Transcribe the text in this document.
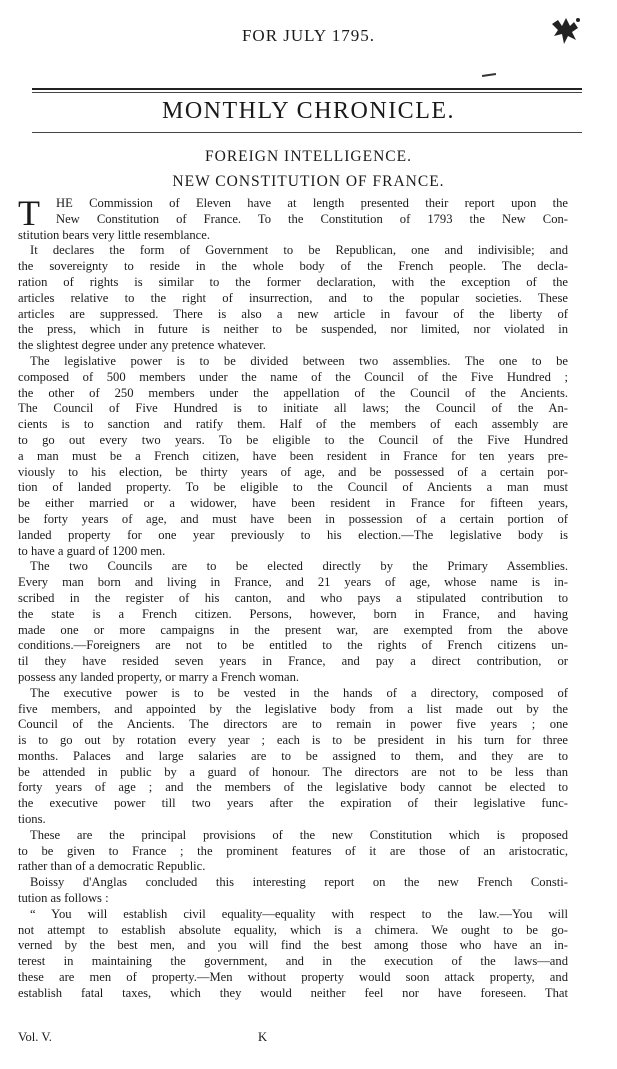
FOR JULY 1795.
MONTHLY CHRONICLE.
FOREIGN INTELLIGENCE.
NEW CONSTITUTION OF FRANCE.
T	HE Commission of Eleven have at length presented their report upon the
New Constitution of France. To the Constitution of 1793 the New Con-
stitution bears very little resemblance.
It declares the form of Government to be Republican, one and indivisible; and
the sovereignty to reside in the whole body of the French people. The decla-
ration of rights is similar to the former declaration, with the exception of the
articles relative to the right of insurrection, and to the popular societies. These
articles are suppressed. There is also a new article in favour of the liberty of
the press, which in future is neither to be suspended, nor limited, nor violated in
the slightest degree under any pretence whatever.
The legislative power is to be divided between two assemblies. The one to be
composed of 500 members under the name of the Council of the Five Hundred ;
the other of 250 members under the appellation of the Council of the Ancients.
The Council of Five Hundred is to initiate all laws; the Council of the An-
cients is to sanction and ratify them. Half of the members of each assembly are
to go out every two years. To be eligible to the Council of the Five Hundred
a man must be a French citizen, have been resident in France for ten years pre-
viously to his election, be thirty years of age, and be possessed of a certain por-
tion of landed property. To be eligible to the Council of Ancients a man must
be either married or a widower, have been resident in France for fifteen years,
be forty years of age, and must have been in possession of a certain portion of
landed property for one year previously to his election.—The legislative body is
to have a guard of 1200 men.
The two Councils are to be elected directly by the Primary Assemblies.
Every man born and living in France, and 21 years of age, whose name is in-
scribed in the register of his canton, and who pays a stipulated contribution to
the state is a French citizen. Persons, however, born in France, and having
made one or more campaigns in the present war, are exempted from the above
conditions.—Foreigners are not to be entitled to the rights of French citizens un-
til they have resided seven years in France, and pay a direct contribution, or
possess any landed property, or marry a French woman.
The executive power is to be vested in the hands of a directory, composed of
five members, and appointed by the legislative body from a list made out by the
Council of the Ancients. The directors are to remain in power five years ; one
is to go out by rotation every year ; each is to be president in his turn for three
months. Palaces and large salaries are to be assigned to them, and they are to
be attended in public by a guard of honour. The directors are not to be less than
forty years of age ; and the members of the legislative body cannot be elected to
the executive power till two years after the expiration of their legislative func-
tions.
These are the principal provisions of the new Constitution which is proposed
to be given to France ; the prominent features of it are those of an aristocratic,
rather than of a democratic Republic.
Boissy d'Anglas concluded this interesting report on the new French Consti-
tution as follows :
“ You will establish civil equality—equality with respect to the law.—You will
not attempt to establish absolute equality, which is a chimera. We ought to be go-
verned by the best men, and you will find the best among those who have an in-
terest in maintaining the government, and in the execution of the laws—and
these are men of property.—Men without property would soon attack property, and
establish fatal taxes, which they would neither feel nor have foreseen. That
Vol. V.	K
